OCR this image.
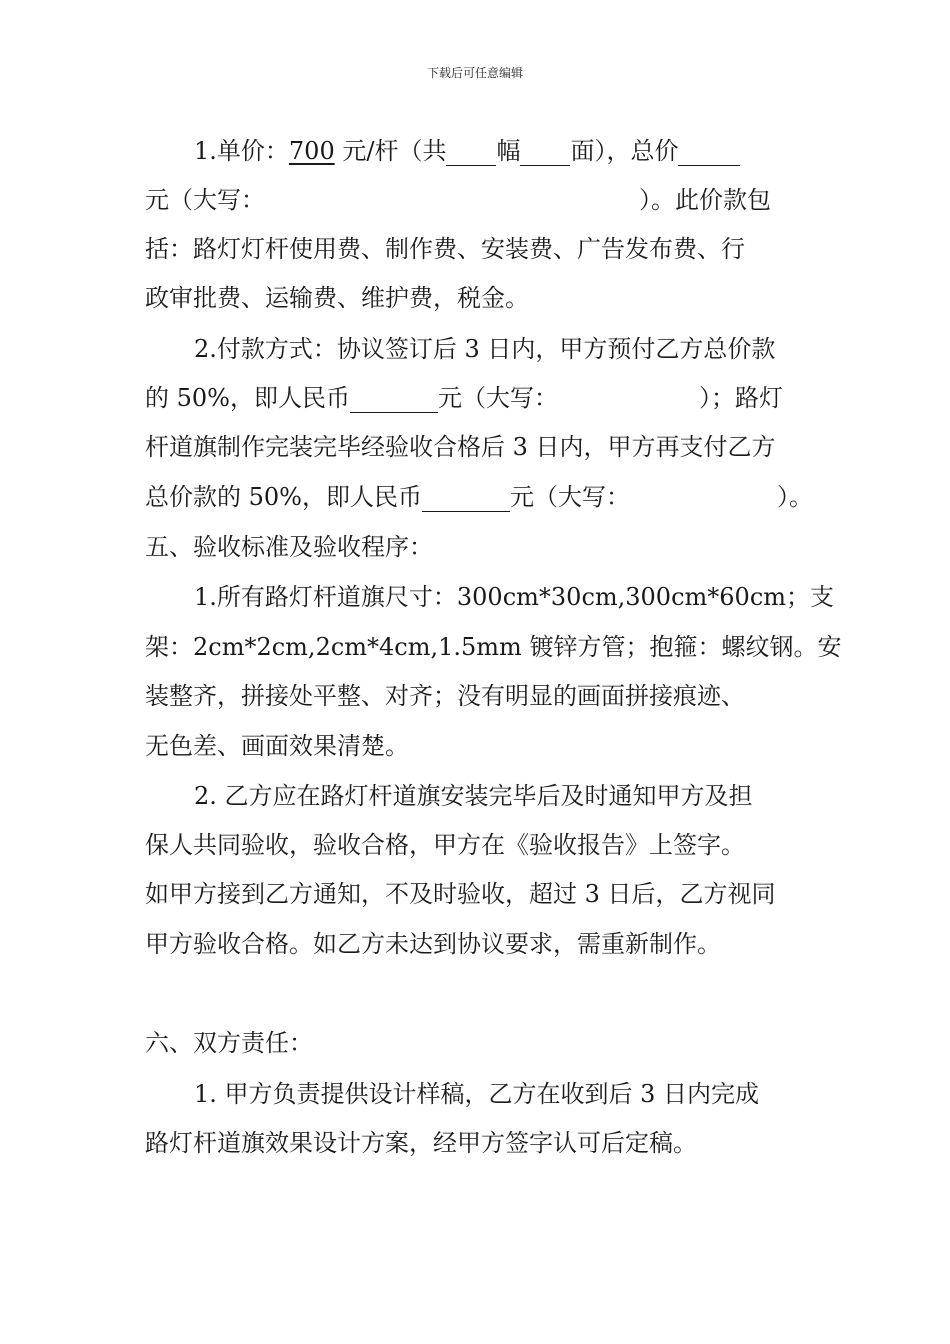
下载后可任意编辑
1.单价：700 元/杆（共 幅 面），总价
元（大写：	）。此价款包
括：路灯灯杆使用费、制作费、安装费、广告发布费、行
政审批费、运输费、维护费，税金。
2.付款方式：协议签订后 3 日内，甲方预付乙方总价款
的 50%，即人民币	元（大写：	）；路灯
杆道旗制作完装完毕经验收合格后 3 日内，甲方再支付乙方
总价款的 50%，即人民币	元（大写：	）。
五、验收标准及验收程序：
1.所有路灯杆道旗尺寸：300cm*30cm,300cm*60cm；支
架：2cm*2cm,2cm*4cm,1.5mm 镀锌方管；抱箍：螺纹钢。安
装整齐，拼接处平整、对齐；没有明显的画面拼接痕迹、
无色差、画面效果清楚。
2. 乙方应在路灯杆道旗安装完毕后及时通知甲方及担
保人共同验收，验收合格，甲方在《验收报告》上签字。
如甲方接到乙方通知，不及时验收，超过 3 日后，乙方视同
甲方验收合格。如乙方未达到协议要求，需重新制作。
六、双方责任：
1. 甲方负责提供设计样稿，乙方在收到后 3 日内完成
路灯杆道旗效果设计方案，经甲方签字认可后定稿。
